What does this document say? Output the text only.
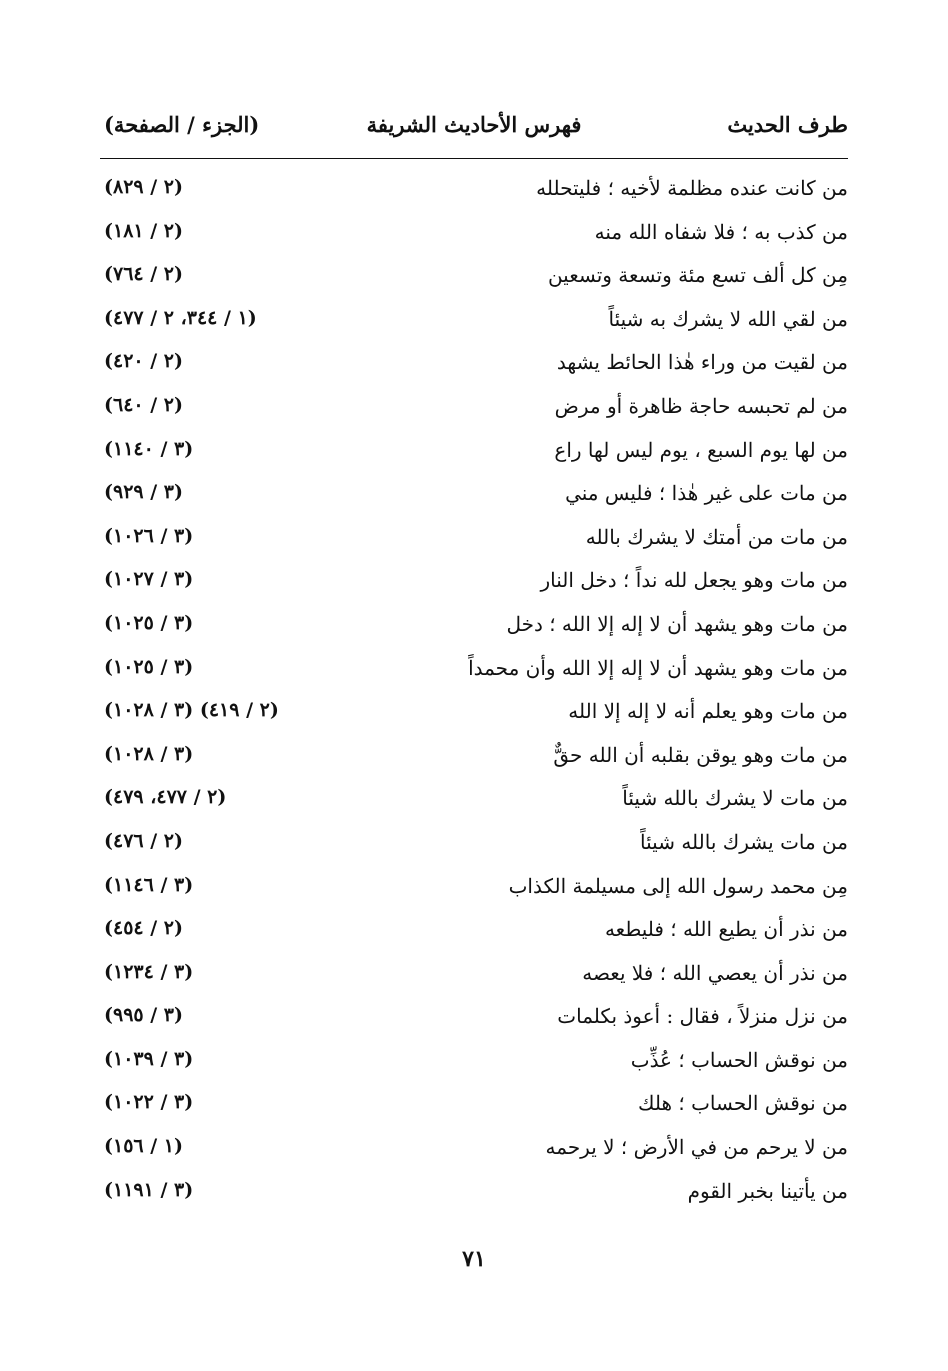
طرف الحديث
فهرس الأحاديث الشريفة
(الجزء / الصفحة)
من كانت عنده مظلمة لأخيه ؛ فليتحلله
(٢ / ٨٢٩)
من كذب به ؛ فلا شفاه الله منه
(٢ / ١٨١)
مِن كل ألف تسع مئة وتسعة وتسعين
(٢ / ٧٦٤)
من لقي الله لا يشرك به شيئاً
(١ / ٣٤٤، ٢ / ٤٧٧)
من لقيت من وراء هٰذا الحائط يشهد
(٢ / ٤٢٠)
من لم تحبسه حاجة ظاهرة أو مرض
(٢ / ٦٤٠)
من لها يوم السبع ، يوم ليس لها راع
(٣ / ١١٤٠)
من مات على غير هٰذا ؛ فليس مني
(٣ / ٩٢٩)
من مات من أمتك لا يشرك بالله
(٣ / ١٠٢٦)
من مات وهو يجعل لله نداً ؛ دخل النار
(٣ / ١٠٢٧)
من مات وهو يشهد أن لا إله إلا الله ؛ دخل
(٣ / ١٠٢٥)
من مات وهو يشهد أن لا إله إلا الله وأن محمداً
(٣ / ١٠٢٥)
من مات وهو يعلم أنه لا إله إلا الله
(٢ / ٤١٩) (٣ / ١٠٢٨)
من مات وهو يوقن بقلبه أن الله حقٌّ
(٣ / ١٠٢٨)
من مات لا يشرك بالله شيئاً
(٢ / ٤٧٧، ٤٧٩)
من مات يشرك بالله شيئاً
(٢ / ٤٧٦)
مِن محمد رسول الله إلى مسيلمة الكذاب
(٣ / ١١٤٦)
من نذر أن يطيع الله ؛ فليطعه
(٢ / ٤٥٤)
من نذر أن يعصي الله ؛ فلا يعصه
(٣ / ١٢٣٤)
من نزل منزلاً ، فقال : أعوذ بكلمات
(٣ / ٩٩٥)
من نوقش الحساب ؛ عُذِّب
(٣ / ١٠٣٩)
من نوقش الحساب ؛ هلك
(٣ / ١٠٢٢)
من لا يرحم من في الأرض ؛ لا يرحمه
(١ / ١٥٦)
من يأتينا بخبر القوم
(٣ / ١١٩١)
٧١
